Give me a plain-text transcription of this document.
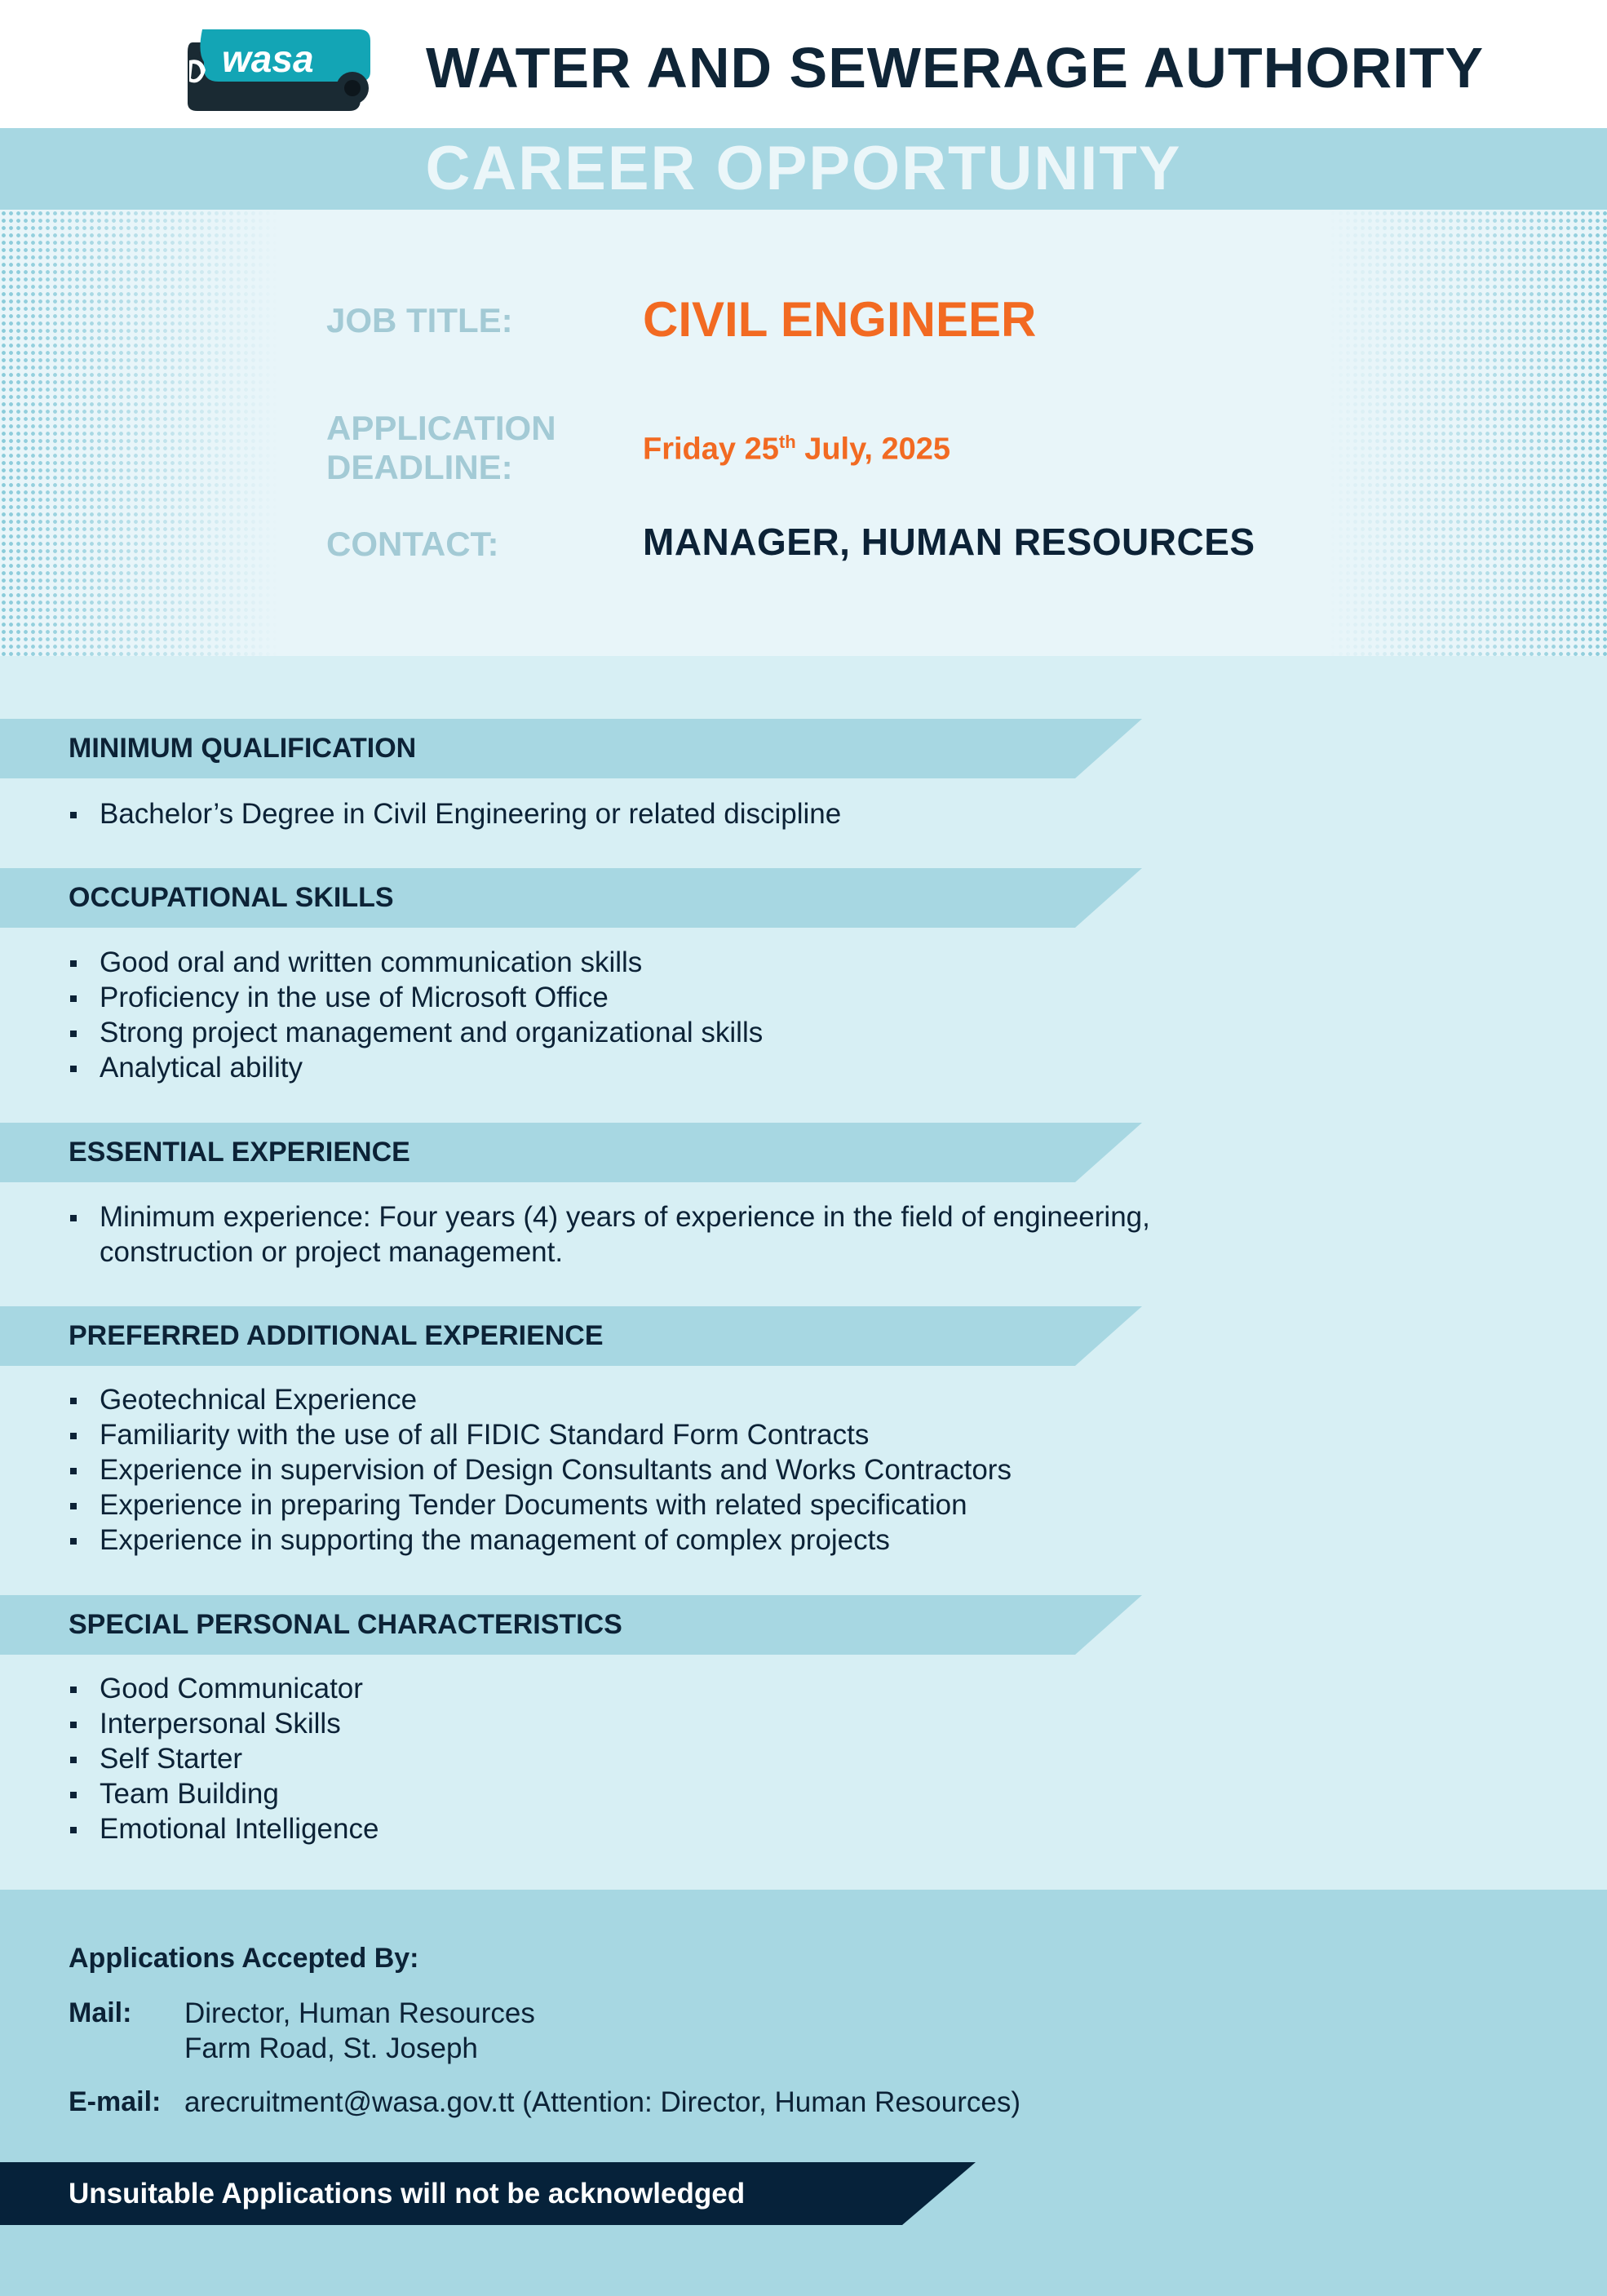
wasa WATER AND SEWERAGE AUTHORITY
CAREER OPPORTUNITY
JOB TITLE:	CIVIL ENGINEER
APPLICATION
DEADLINE:	Friday 25th July, 2025
CONTACT:	MANAGER, HUMAN RESOURCES
MINIMUM QUALIFICATION
Bachelor’s Degree in Civil Engineering or related discipline
OCCUPATIONAL SKILLS
Good oral and written communication skills
Proficiency in the use of Microsoft Office
Strong project management and organizational skills
Analytical ability
ESSENTIAL EXPERIENCE
Minimum experience: Four years (4) years of experience in the field of engineering, construction or project management.
PREFERRED ADDITIONAL EXPERIENCE
Geotechnical Experience
Familiarity with the use of all FIDIC Standard Form Contracts
Experience in supervision of Design Consultants and Works Contractors
Experience in preparing Tender Documents with related specification
Experience in supporting the management of complex projects
SPECIAL PERSONAL CHARACTERISTICS
Good Communicator
Interpersonal Skills
Self Starter
Team Building
Emotional Intelligence
Applications Accepted By:
Mail: Director, Human Resources
Farm Road, St. Joseph
E-mail: arecruitment@wasa.gov.tt (Attention: Director, Human Resources)
Unsuitable Applications will not be acknowledged
